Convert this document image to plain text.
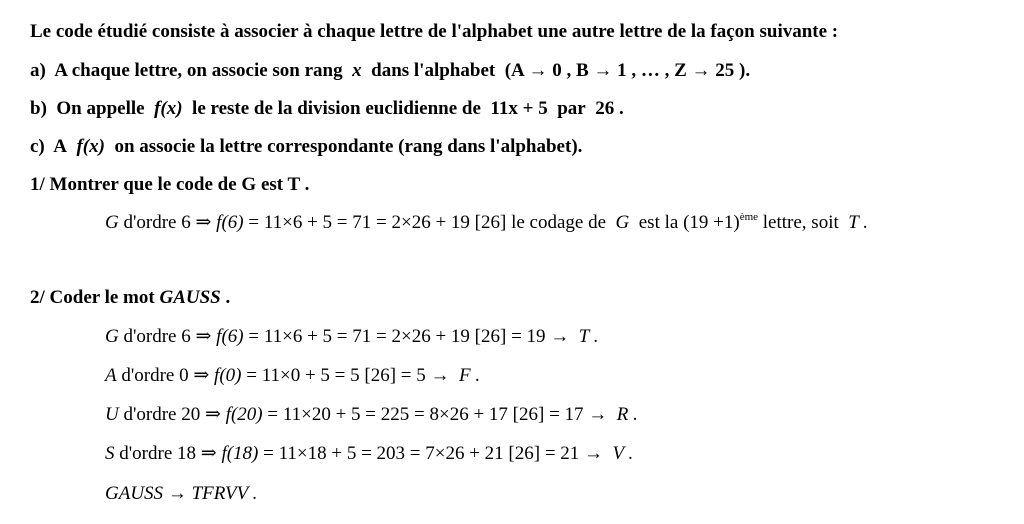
Le code étudié consiste à associer à chaque lettre de l'alphabet une autre lettre de la façon suivante :
a) A chaque lettre, on associe son rang x dans l'alphabet (A → 0 , B → 1 , … , Z → 25 ).
b) On appelle f(x) le reste de la division euclidienne de 11x + 5 par 26 .
c) A f(x) on associe la lettre correspondante (rang dans l'alphabet).
1/ Montrer que le code de G est T .
G d'ordre 6 ⇒ f(6) = 11×6 + 5 = 71 = 2×26 + 19 [26] le codage de G est la $(19 +1)^{ème}$ lettre, soit T .
2/ Coder le mot GAUSS .
G d'ordre 6 ⇒ f(6) = 11×6 + 5 = 71 = 2×26 + 19 [26] = 19 → T .
A d'ordre 0 ⇒ f(0) = 11×0 + 5 = 5 [26] = 5 → F .
U d'ordre 20 ⇒ f(20) = 11×20 + 5 = 225 = 8×26 + 17 [26] = 17 → R .
S d'ordre 18 ⇒ f(18) = 11×18 + 5 = 203 = 7×26 + 21 [26] = 21 → V .
GAUSS → TFRVV .
